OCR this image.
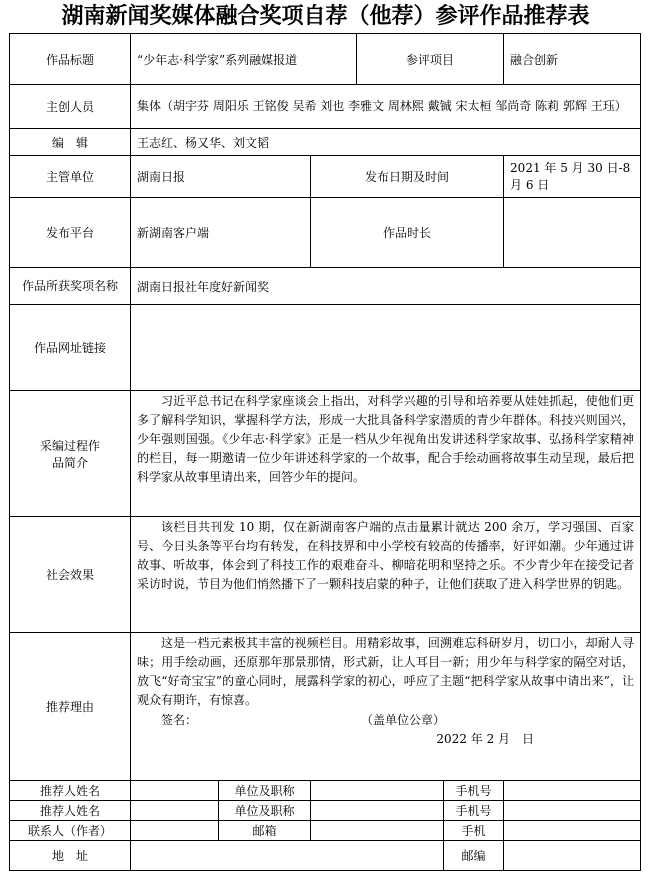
湖南新闻奖媒体融合奖项自荐（他荐）参评作品推荐表
作品标题	“少年志·科学家”系列融媒报道			参评项目		融合创新
主创人员	集体（胡宇芬 周阳乐 王铭俊 吴希 刘也 李雅文 周林熙 戴铖 宋太桓 邹尚奇 陈莉 郭辉 王珏）					
编　辑	王志红、杨又华、刘文韬					
主管单位	湖南日报		发布日期及时间			2021 年 5 月 30 日-8 月 6 日
发布平台	新湖南客户端		作品时长			
作品所获奖项名称	湖南日报社年度好新闻奖					
作品网址链接						
采编过程作品简介	习近平总书记在科学家座谈会上指出，对科学兴趣的引导和培养要从娃娃抓起，使他们更多了解科学知识，掌握科学方法，形成一大批具备科学家潜质的青少年群体。科技兴则国兴，少年强则国强。《少年志·科学家》正是一档从少年视角出发讲述科学家故事、弘扬科学家精神的栏目，每一期邀请一位少年讲述科学家的一个故事，配合手绘动画将故事生动呈现，最后把科学家从故事里请出来，回答少年的提问。					
社会效果	该栏目共刊发 10 期，仅在新湖南客户端的点击量累计就达 200 余万，学习强国、百家号、今日头条等平台均有转发，在科技界和中小学校有较高的传播率，好评如潮。少年通过讲故事、听故事，体会到了科技工作的艰难奋斗、柳暗花明和坚持之乐。不少青少年在接受记者采访时说，节目为他们悄然播下了一颗科技启蒙的种子，让他们获取了进入科学世界的钥匙。					
推荐理由	这是一档元素极其丰富的视频栏目。用精彩故事，回溯难忘科研岁月，切口小，却耐人寻味；用手绘动画，还原那年那景那情，形式新，让人耳目一新；用少年与科学家的隔空对话，放飞“好奇宝宝”的童心同时，展露科学家的初心，呼应了主题“把科学家从故事中请出来”，让观众有期许，有惊喜。
签名： （盖单位公章）
2022 年 2 月　日					

推荐人姓名		单位及职称			手机号	
推荐人姓名		单位及职称			手机号	
联系人（作者）		邮箱			手机	
地　址					邮编	
